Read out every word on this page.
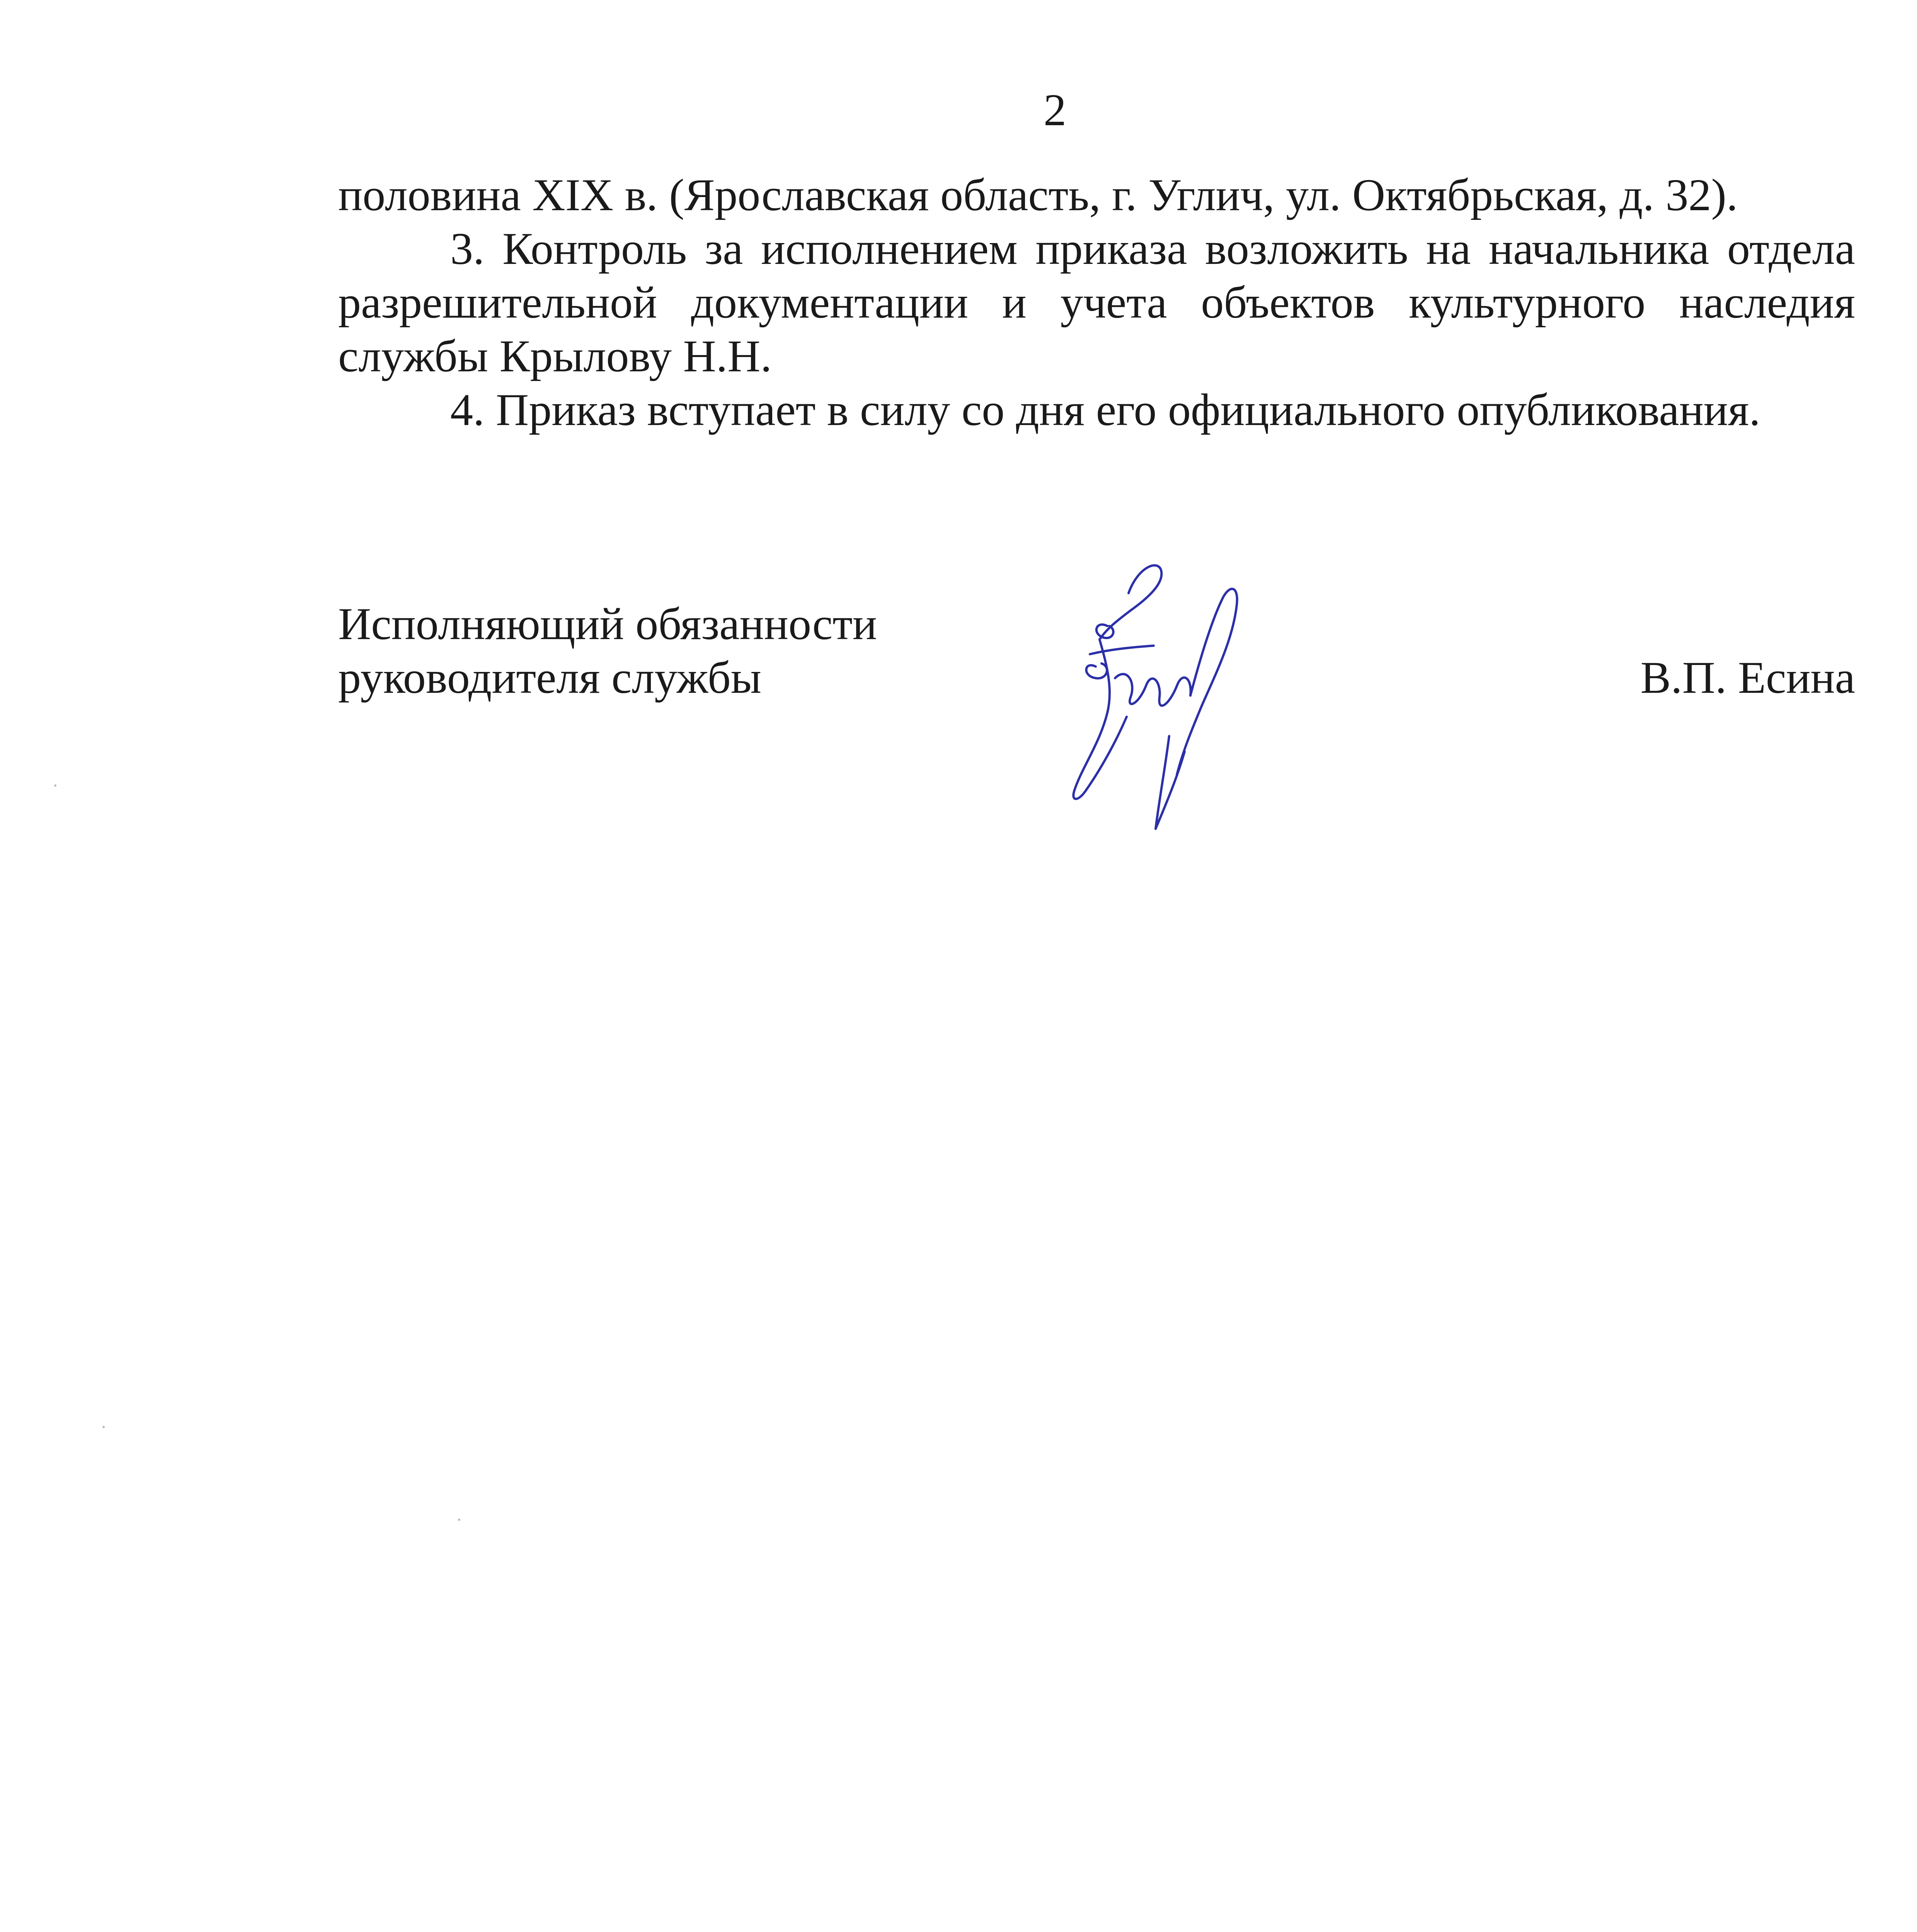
2

половина XIX в. (Ярославская область, г. Углич, ул. Октябрьская, д. 32).

3. Контроль за исполнением приказа возложить на начальника отдела разрешительной документации и учета объектов культурного наследия службы Крылову Н.Н.

4. Приказ вступает в силу со дня его официального опубликования.

Исполняющий обязанности
руководителя службы	В.П. Есина
